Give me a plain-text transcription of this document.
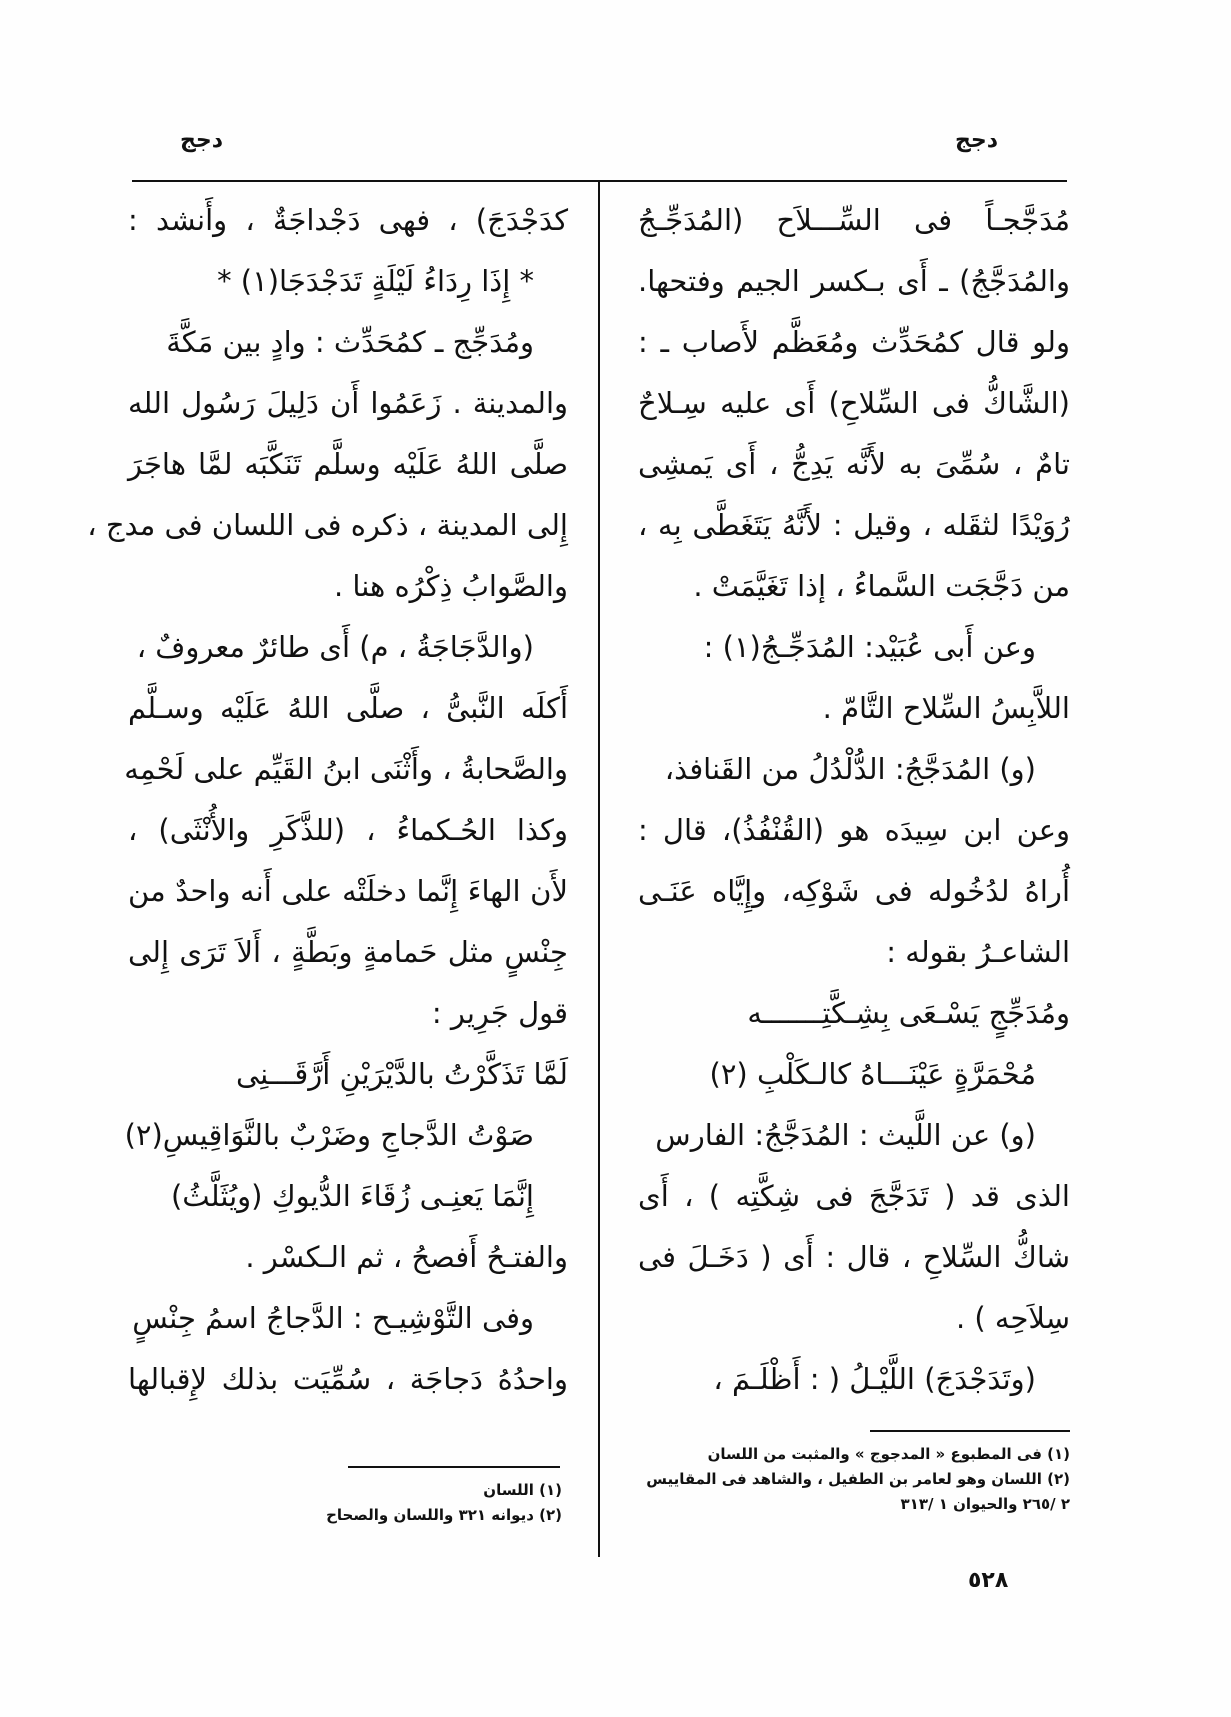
دجج
دجج
مُدَجَّجـاً فى السِّـــلاَح (المُدَجِّـجُ
والمُدَجَّجُ) ـ أَى بـكسر الجيم وفتحها.
ولو قال كمُحَدِّث ومُعَظَّم لأَصاب ـ :
(الشَّاكُّ فى السِّلاحِ) أَى عليه سِـلاحٌ
تامٌ ، سُمِّىَ به لأَنَّه يَدِجُّ ، أَى يَمشِى
رُوَيْدًا لثقَله ، وقيل : لأَنَّهُ يَتَغَطَّى بِه ،
من دَجَّجَت السَّماءُ ، إذا تَغَيَّمَتْ .
وعن أَبى عُبَيْد: المُدَجِّـجُ(١) :
اللاَّبِسُ السِّلاح التَّامّ .
(و) المُدَجَّجُ: الدُّلْدُلُ من القَنافذ،
وعن ابن سِيدَه هو (القُنْفُذُ)، قال :
أُراهُ لدُخُوله فى شَوْكِه، وإِيَّاه عَنَـى
الشاعـرُ بقوله :
ومُدَجِّجٍ يَسْـعَى بِشِـكَّتِـــــــه
مُحْمَرَّةٍ عَيْنَـــاهُ كالـكَلْبِ (٢)
(و) عن اللَّيث : المُدَجَّجُ: الفارس
الذى قد ( تَدَجَّجَ فى شِكَّتِه ) ، أَى
شاكُّ السِّلاحِ ، قال : أَى ( دَخَـلَ فى
سِلاَحِه ) .
(وتَدَجْدَجَ) اللَّيْـلُ ( : أَظْلَـمَ ،
كدَجْدَجَ) ، فهى دَجْداجَةٌ ، وأَنشد :
* إِذَا رِدَاءُ لَيْلَةٍ تَدَجْدَجَا(١) *
ومُدَجِّج ـ كمُحَدِّث : وادٍ بين مَكَّةَ
والمدينة . زَعَمُوا أَن دَلِيلَ رَسُول الله
صلَّى اللهُ عَلَيْه وسلَّم تَنَكَّبَه لمَّا هاجَرَ
إِلى المدينة ، ذكره فى اللسان فى مدج ،
والصَّوابُ ذِكْرُه هنا .
(والدَّجَاجَةُ ، م) أَى طائرٌ معروفٌ ،
أَكلَه النَّبىُّ ، صلَّى اللهُ عَلَيْه وسـلَّم
والصَّحابةُ ، وأَثْنَى ابنُ القَيِّم على لَحْمِه
وكذا الحُـكماءُ ، (للذَّكَرِ والأُنْثَى) ،
لأَن الهاءَ إِنَّما دخلَتْه على أَنه واحدٌ من
جِنْسٍ مثل حَمامةٍ وبَطَّةٍ ، أَلاَ تَرَى إِلى
قول جَرِير :
لَمَّا تَذَكَّرْتُ بالدَّيْرَيْنِ أَرَّقَـــنِى
صَوْتُ الدَّجاجِ وضَرْبٌ بالنَّوَاقِيسِ(٢)
إِنَّمَا يَعنِـى زُقَاءَ الدُّيوكِ (ويُثَلَّثُ)
والفتـحُ أَفصحُ ، ثم الـكسْر .
وفى التَّوْشِيـح : الدَّجاجُ اسمُ جِنْسٍ
واحدُهُ دَجاجَة ، سُمِّيَت بذلك لإِقبالها
(١) فى المطبوع « المدجوج » والمثبت من اللسان
(٢) اللسان وهو لعامر بن الطفيل ، والشاهد فى المقاييس
٢ /٢٦٥ والحيوان ١ /٣١٣
(١) اللسان
(٢) ديوانه ٣٢١ واللسان والصحاح
٥٢٨
